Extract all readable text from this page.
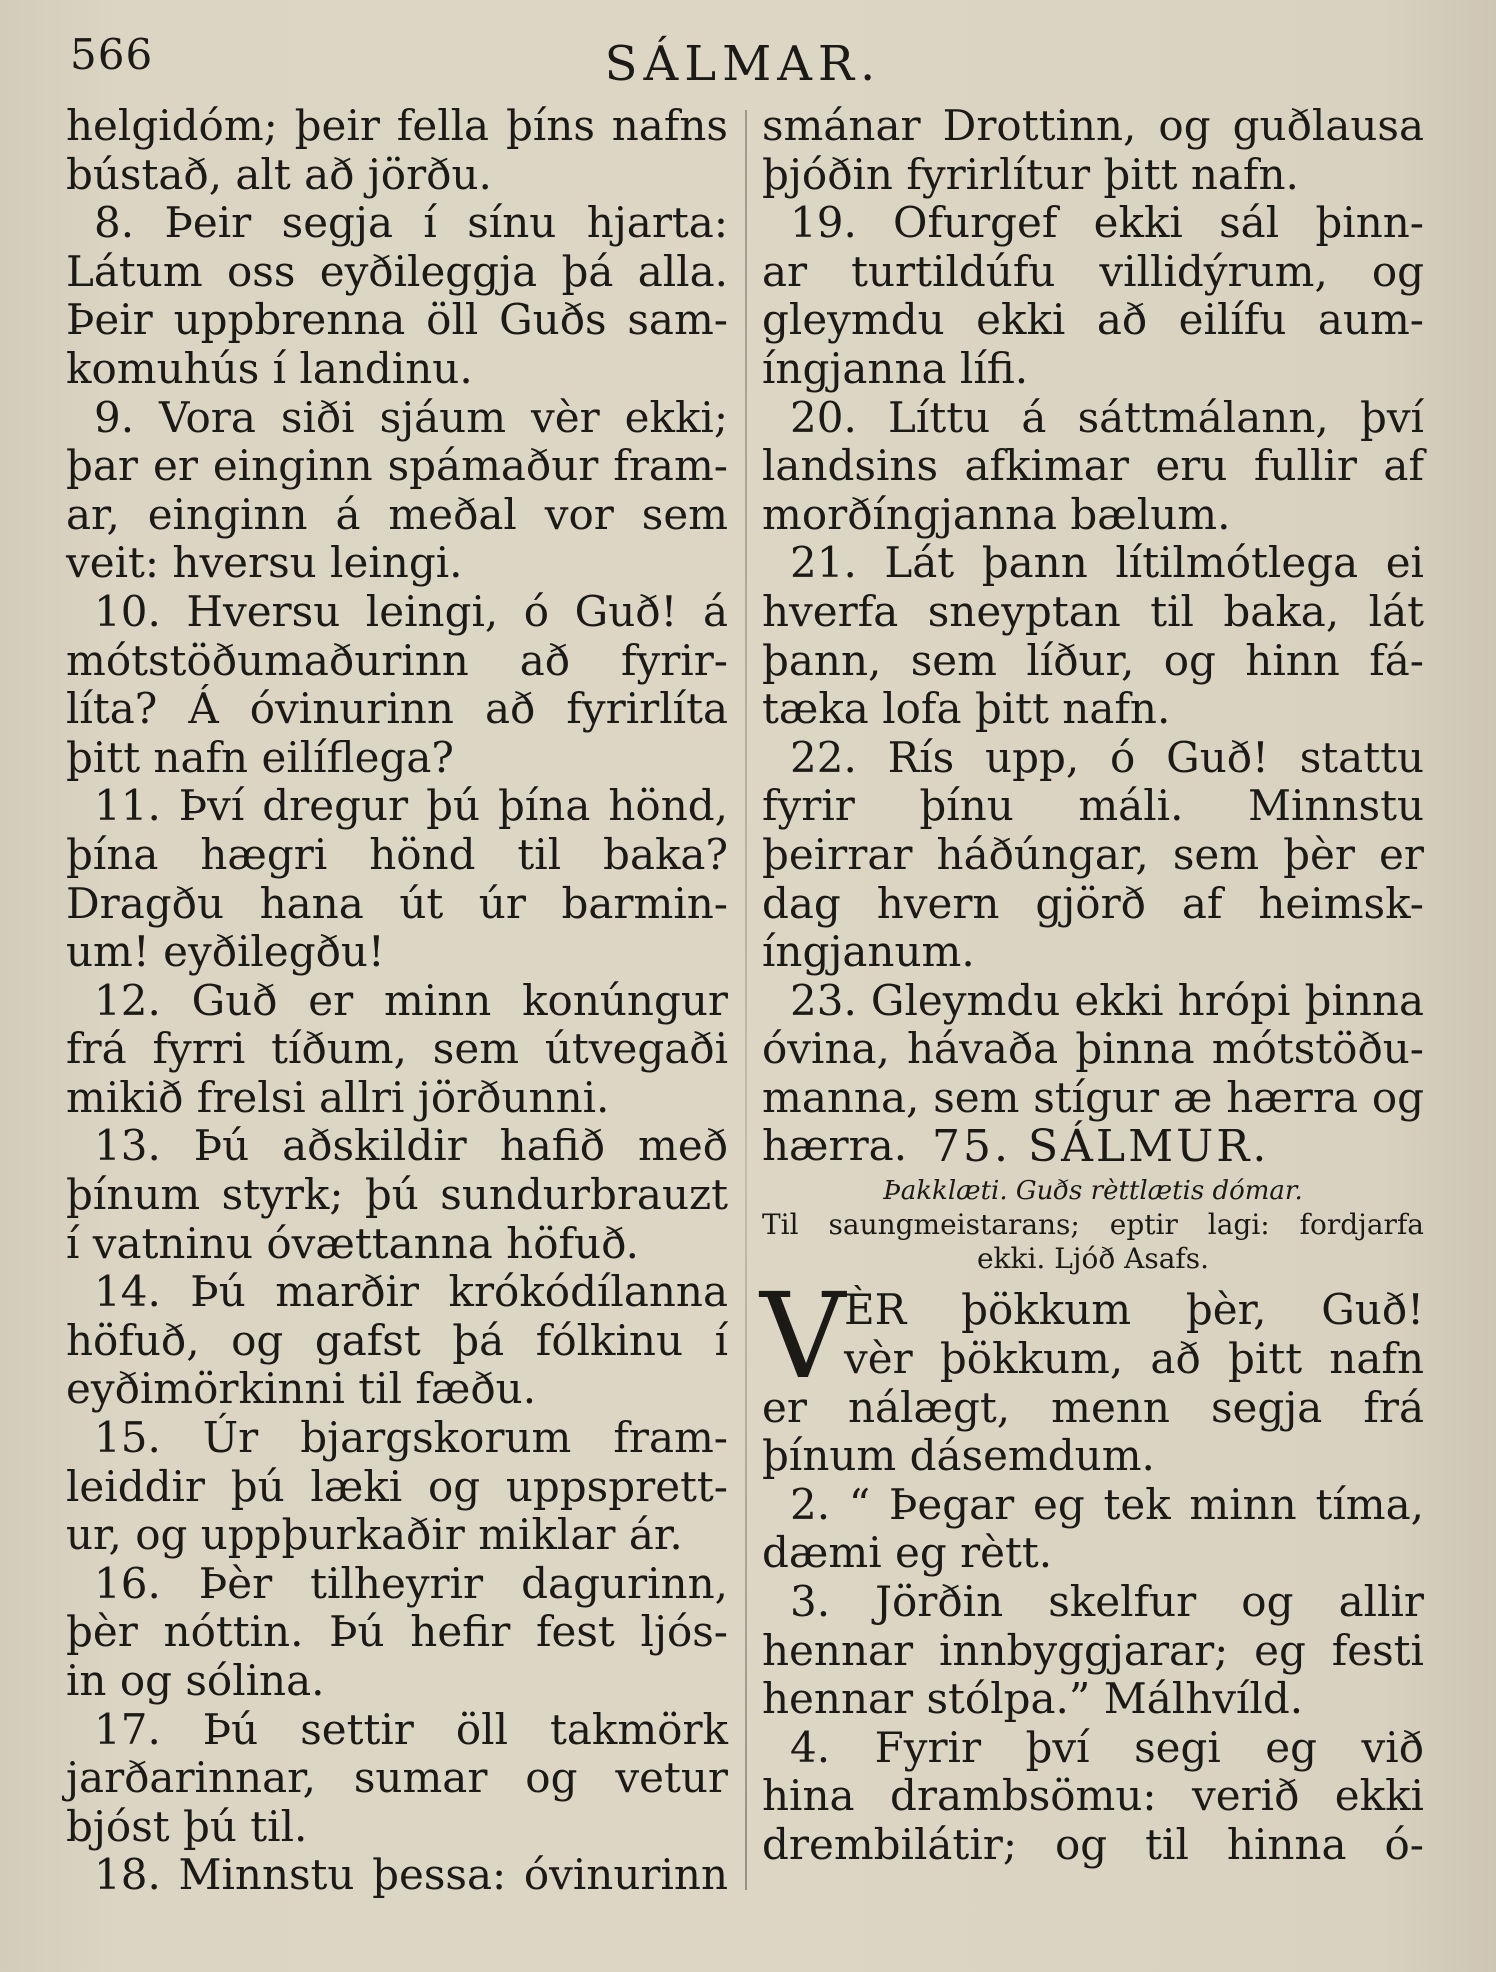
566	SÁLMAR.
helgidóm; þeir fella þíns nafns
bústað, alt að jörðu.
8. Þeir segja í sínu hjarta:
Látum oss eyðileggja þá alla.
Þeir uppbrenna öll Guðs sam-
komuhús í landinu.
9. Vora siði sjáum vèr ekki;
þar er einginn spámaður fram-
ar, einginn á meðal vor sem
veit: hversu leingi.
10. Hversu leingi, ó Guð! á
mótstöðumaðurinn að fyrir-
líta? Á óvinurinn að fyrirlíta
þitt nafn eilíflega?
11. Því dregur þú þína hönd,
þína hægri hönd til baka?
Dragðu hana út úr barmin-
um! eyðilegðu!
12. Guð er minn konúngur
frá fyrri tíðum, sem útvegaði
mikið frelsi allri jörðunni.
13. Þú aðskildir hafið með
þínum styrk; þú sundurbrauzt
í vatninu óvættanna höfuð.
14. Þú marðir krókódílanna
höfuð, og gafst þá fólkinu í
eyðimörkinni til fæðu.
15. Úr bjargskorum fram-
leiddir þú læki og uppsprett-
ur, og uppþurkaðir miklar ár.
16. Þèr tilheyrir dagurinn,
þèr nóttin. Þú hefir fest ljós-
in og sólina.
17. Þú settir öll takmörk
jarðarinnar, sumar og vetur
bjóst þú til.
18. Minnstu þessa: óvinurinn
smánar Drottinn, og guðlausa
þjóðin fyrirlítur þitt nafn.
19. Ofurgef ekki sál þinn-
ar turtildúfu villidýrum, og
gleymdu ekki að eilífu aum-
íngjanna lífi.
20. Líttu á sáttmálann, því
landsins afkimar eru fullir af
morðíngjanna bælum.
21. Lát þann lítilmótlega ei
hverfa sneyptan til baka, lát
þann, sem líður, og hinn fá-
tæka lofa þitt nafn.
22. Rís upp, ó Guð! stattu
fyrir þínu máli. Minnstu
þeirrar háðúngar, sem þèr er
dag hvern gjörð af heimsk-
íngjanum.
23. Gleymdu ekki hrópi þinna
óvina, hávaða þinna mótstöðu-
manna, sem stígur æ hærra og
hærra. 75. SÁLMUR.
Þakklæti. Guðs rèttlætis dómar.
Til saungmeistarans; eptir lagi: fordjarfa
ekki. Ljóð Asafs.
V
ÈR þökkum þèr, Guð!
vèr þökkum, að þitt nafn
er nálægt, menn segja frá
þínum dásemdum.
2. “ Þegar eg tek minn tíma,
dæmi eg rètt.
3. Jörðin skelfur og allir
hennar innbyggjarar; eg festi
hennar stólpa.” Málhvíld.
4. Fyrir því segi eg við
hina drambsömu: verið ekki
drembilátir; og til hinna ó-
